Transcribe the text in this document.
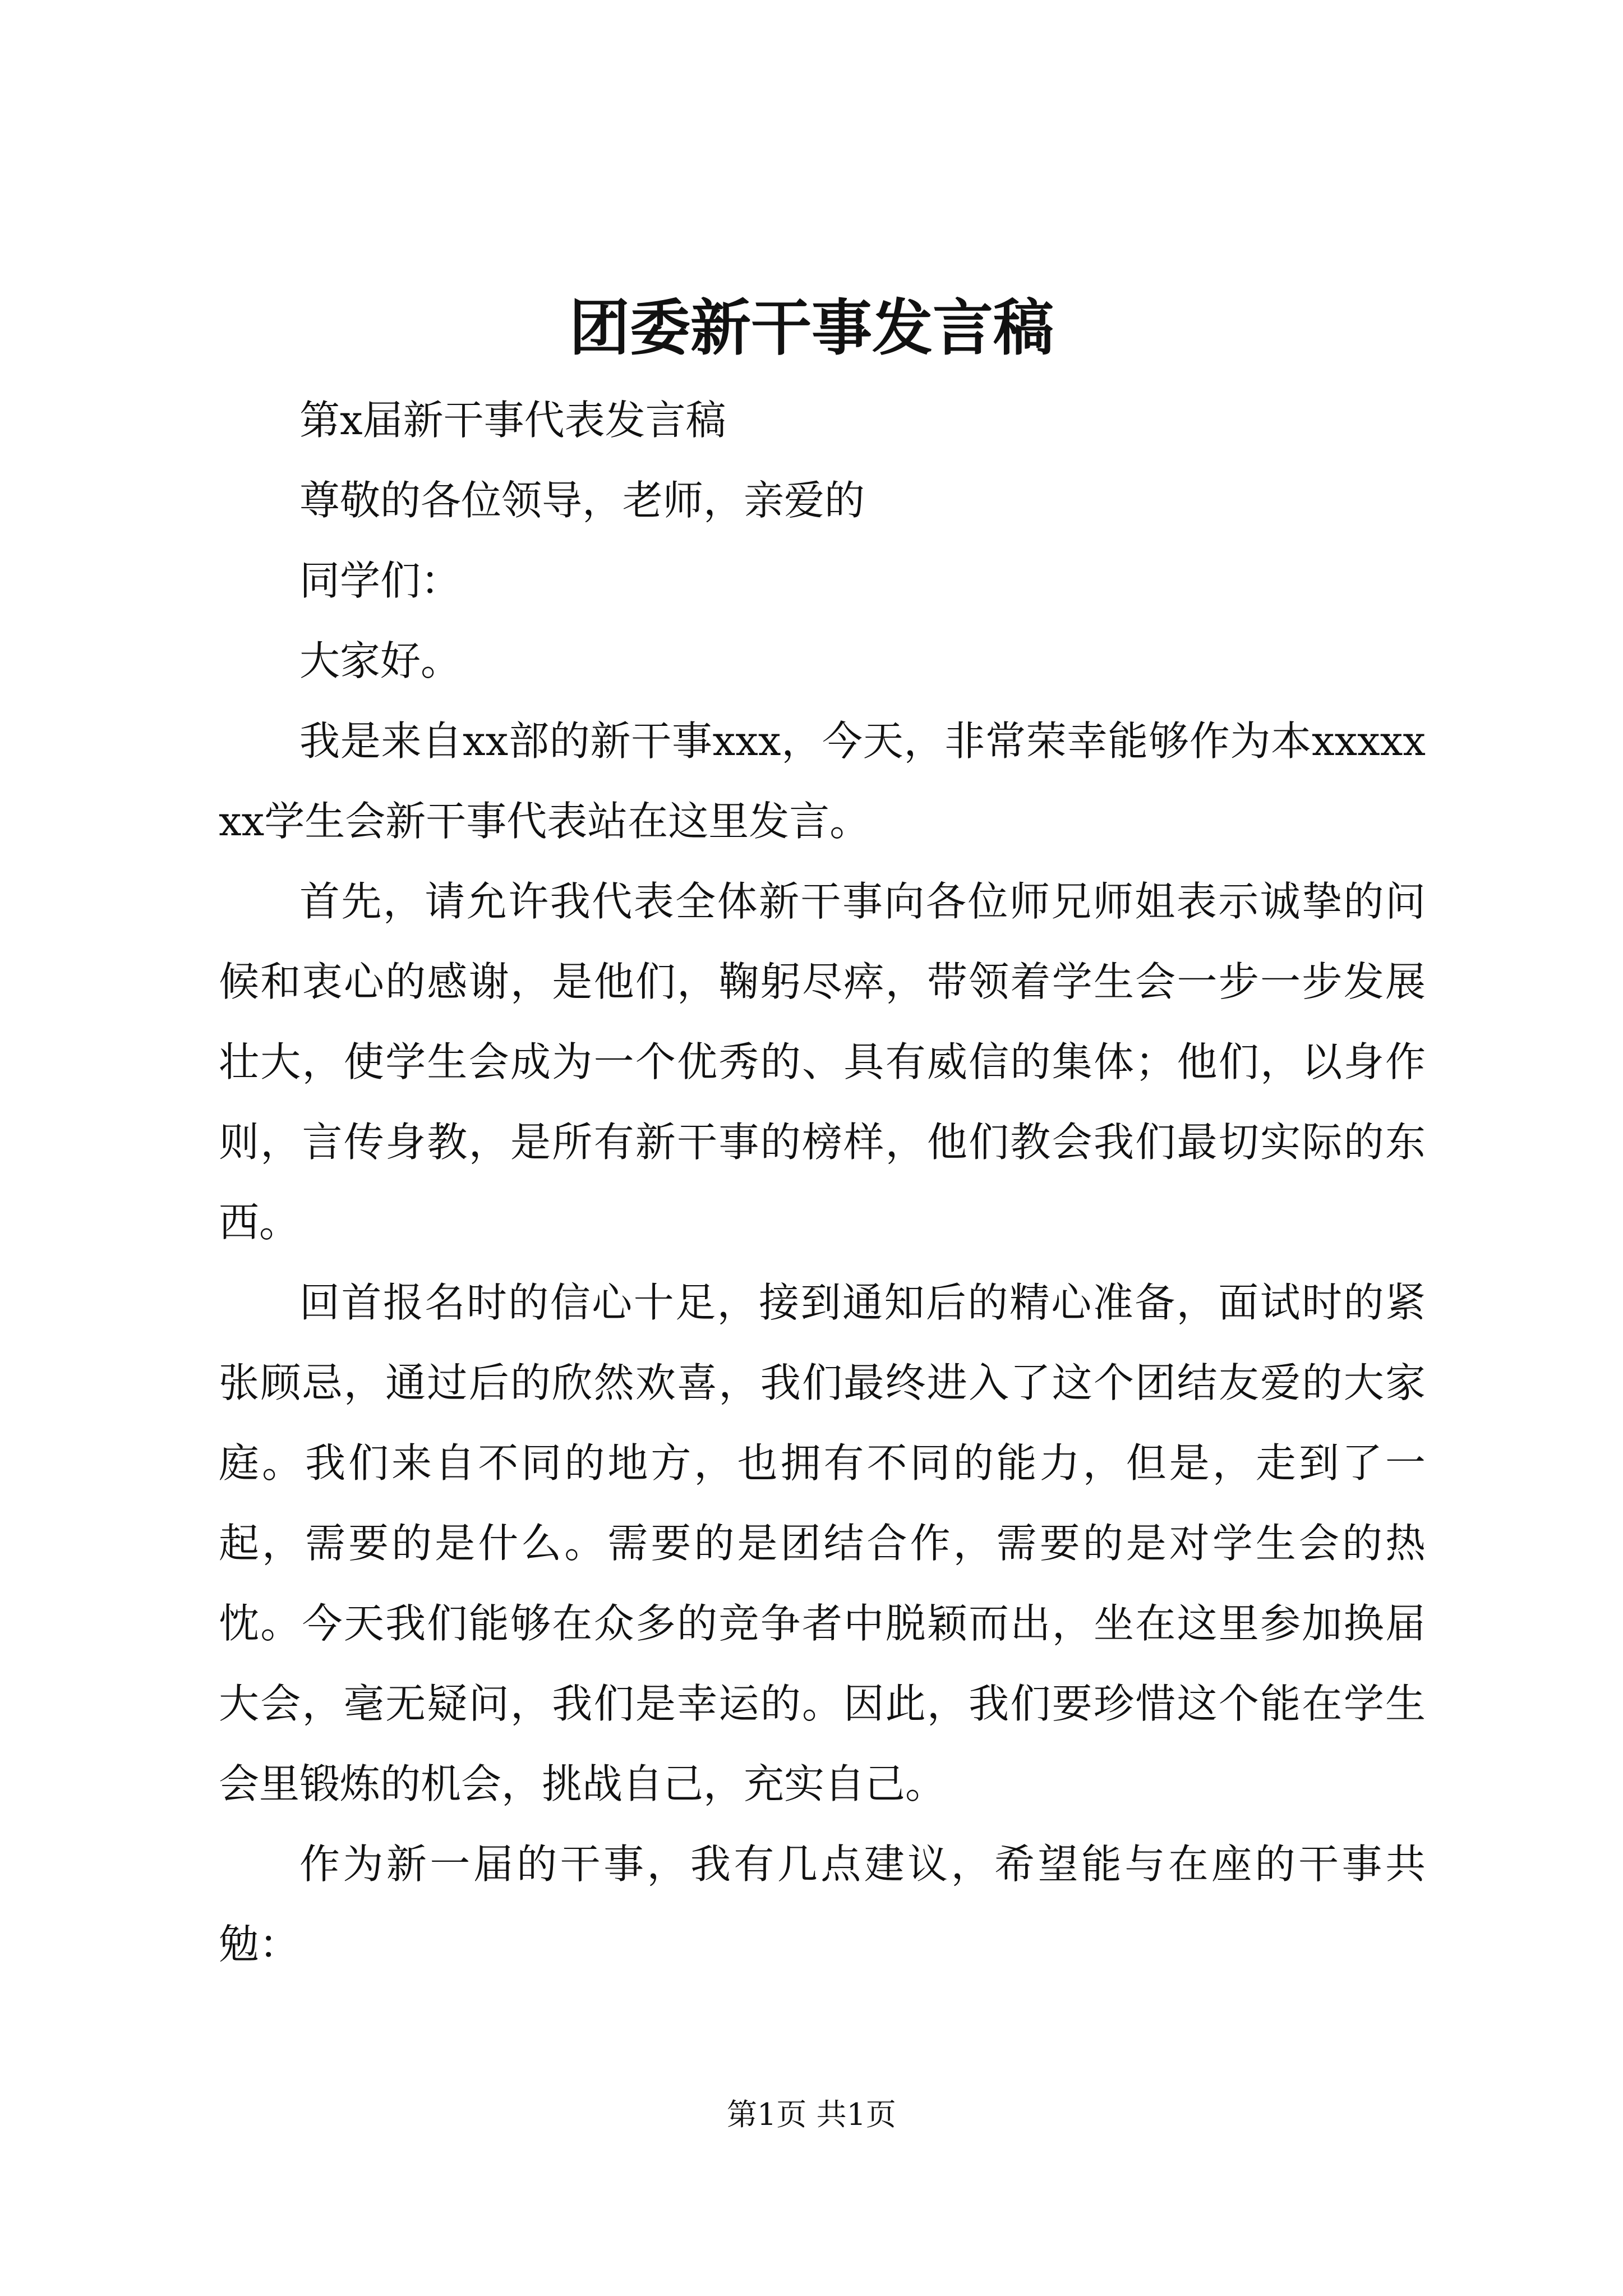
团委新干事发言稿

第x届新干事代表发言稿

尊敬的各位领导，老师，亲爱的

同学们：

大家好。

我是来自xx部的新干事xxx，今天，非常荣幸能够作为本xxxxxxx学生会新干事代表站在这里发言。

首先，请允许我代表全体新干事向各位师兄师姐表示诚挚的问候和衷心的感谢，是他们，鞠躬尽瘁，带领着学生会一步一步发展壮大，使学生会成为一个优秀的、具有威信的集体；他们，以身作则，言传身教，是所有新干事的榜样，他们教会我们最切实际的东西。

回首报名时的信心十足，接到通知后的精心准备，面试时的紧张顾忌，通过后的欣然欢喜，我们最终进入了这个团结友爱的大家庭。我们来自不同的地方，也拥有不同的能力，但是，走到了一起，需要的是什么。需要的是团结合作，需要的是对学生会的热忱。今天我们能够在众多的竞争者中脱颖而出，坐在这里参加换届大会，毫无疑问，我们是幸运的。因此，我们要珍惜这个能在学生会里锻炼的机会，挑战自己，充实自己。

作为新一届的干事，我有几点建议，希望能与在座的干事共勉：

第1页 共1页
